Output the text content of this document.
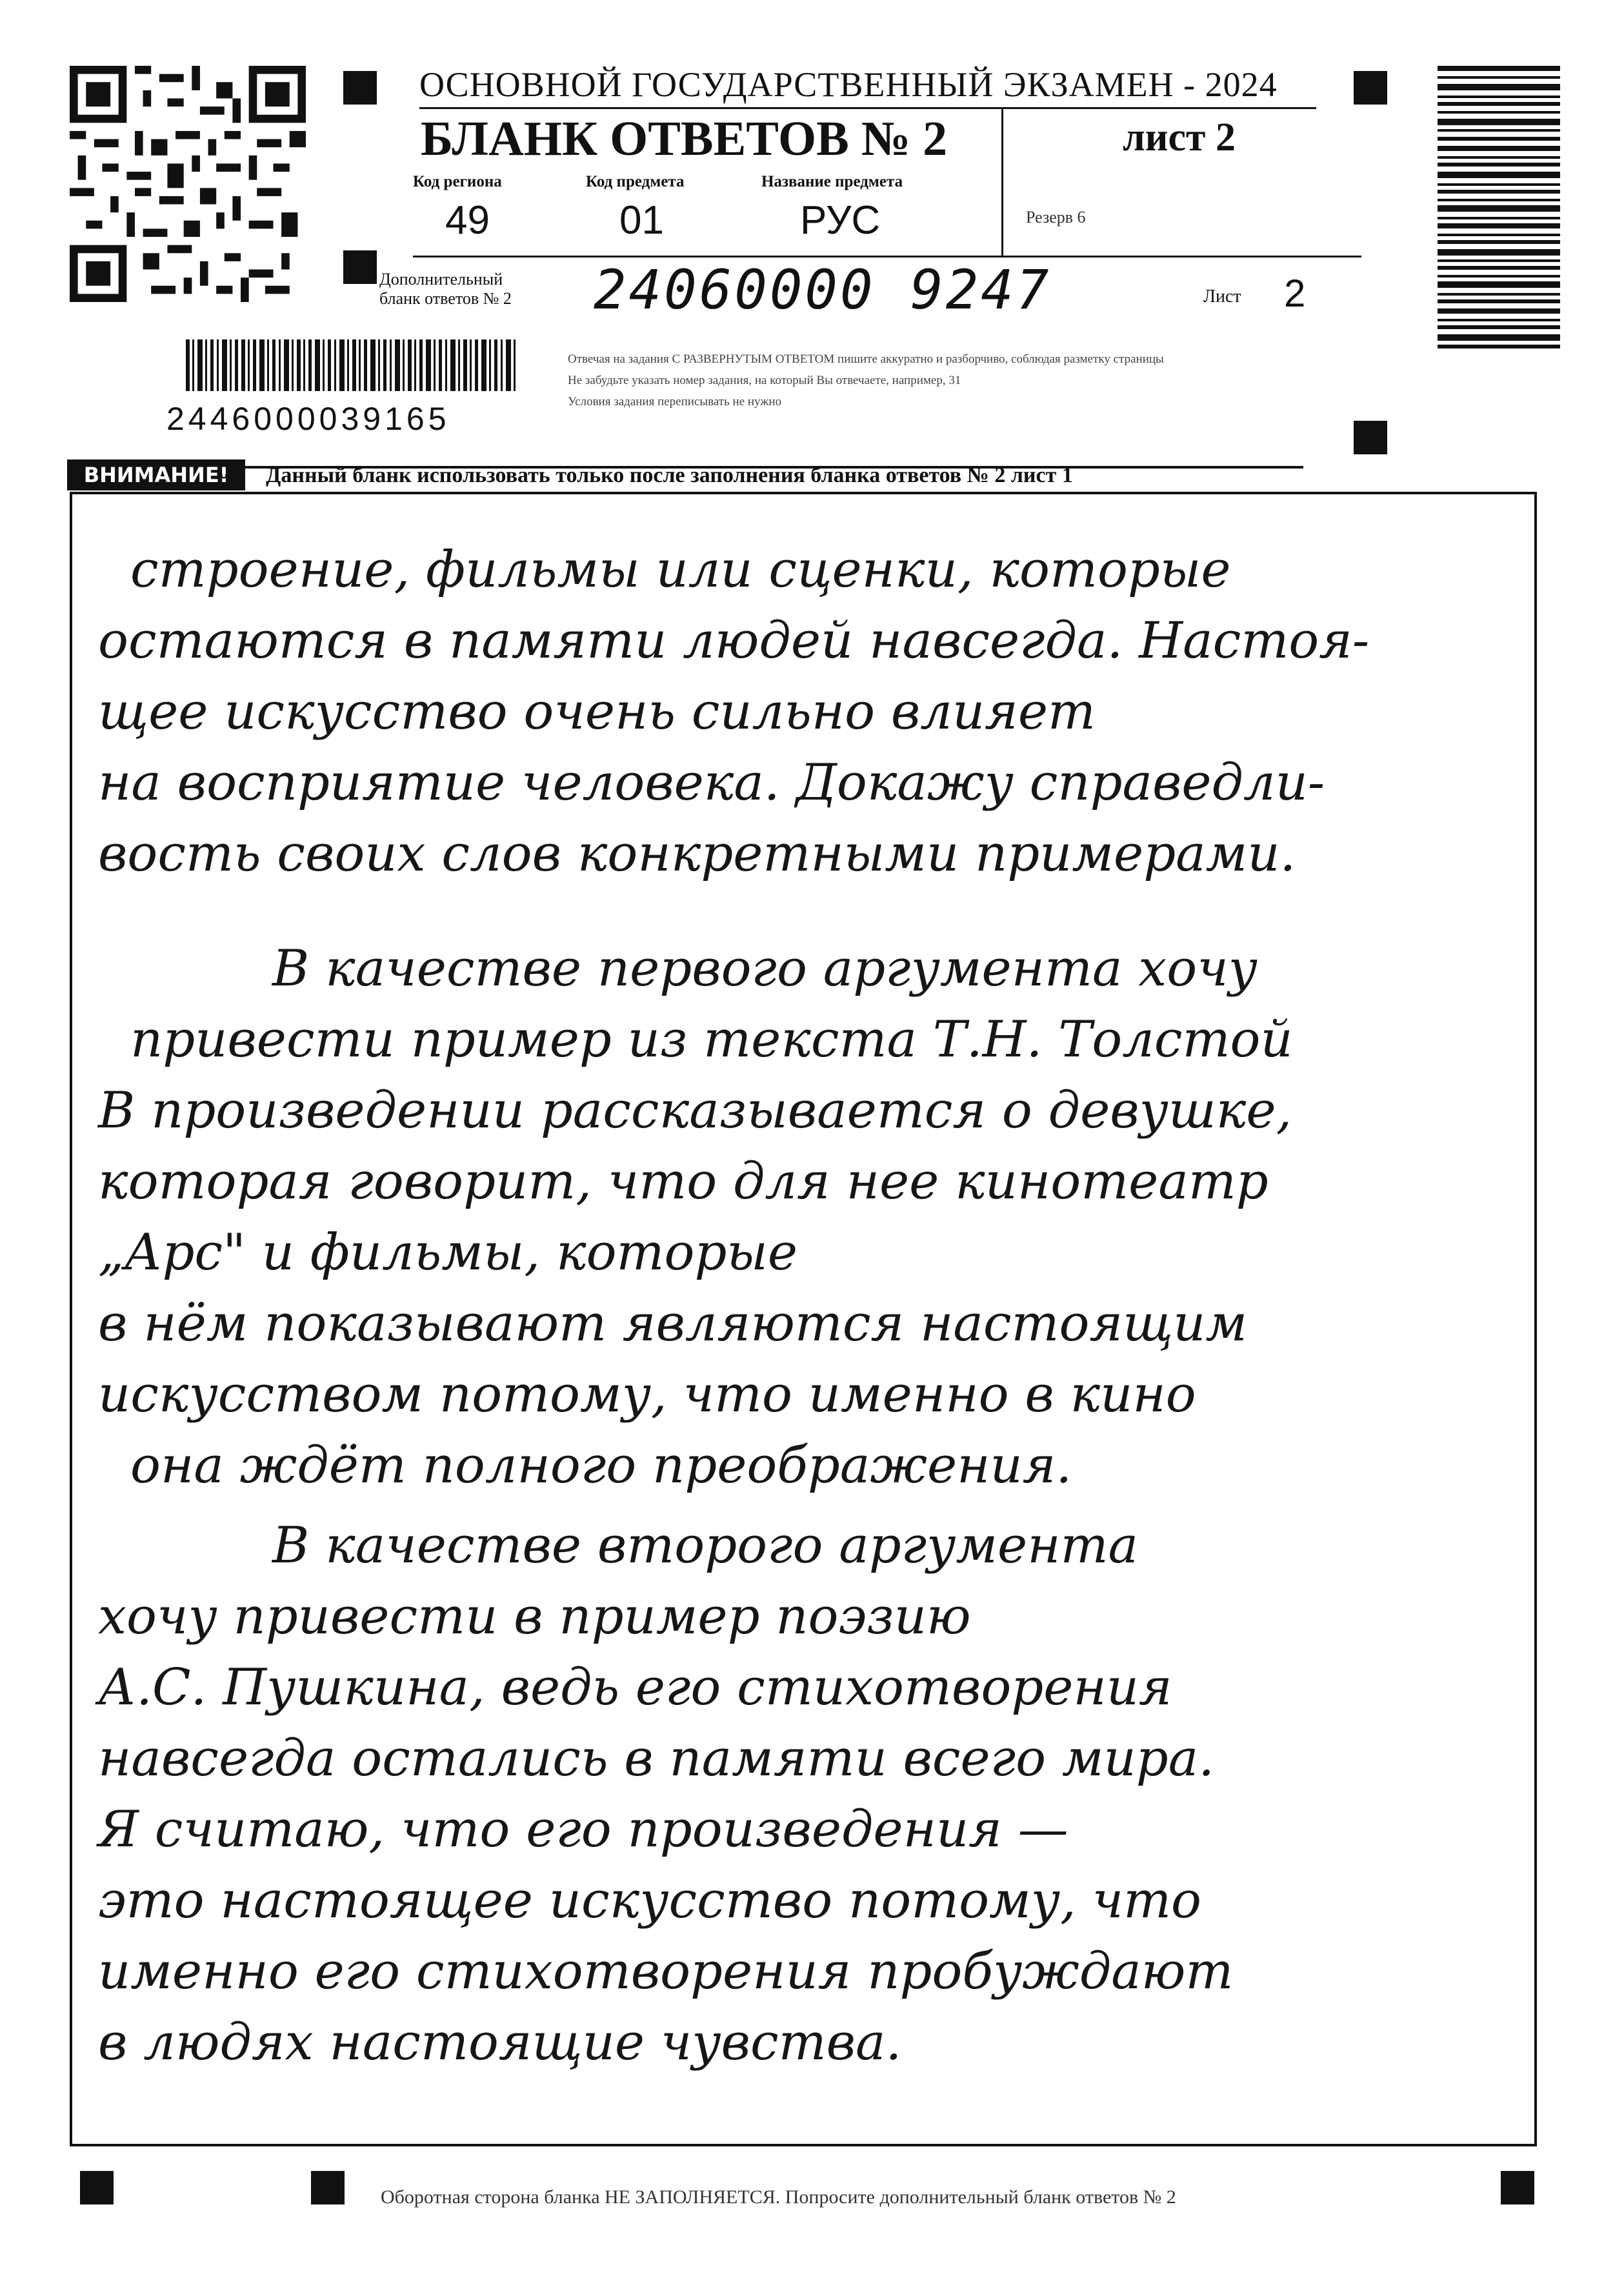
2446000039165
ОСНОВНОЙ ГОСУДАРСТВЕННЫЙ ЭКЗАМЕН - 2024
БЛАНК ОТВЕТОВ № 2	лист 2
Код региона
49
Код предмета
01
Название предмета
РУС	Резерв 6
Дополнительный
бланк ответов № 2 24060000 9247	Лист 2
Отвечая на задания С РАЗВЕРНУТЫМ ОТВЕТОМ пишите аккуратно и разборчиво, соблюдая разметку страницы
Не забудьте указать номер задания, на который Вы отвечаете, например, 31
Условия задания переписывать не нужно
ВНИМАНИЕ!	Данный бланк использовать только после заполнения бланка ответов № 2 лист 1
строение, фильмы или сценки, которые
остаются в памяти людей навсегда. Настоя-
щее искусство очень сильно влияет
на восприятие человека. Докажу справедли-
вость своих слов конкретными примерами.
В качестве первого аргумента хочу
привести пример из текста Т.Н. Толстой
В произведении рассказывается о девушке,
которая говорит, что для нее кинотеатр
„Арс" и фильмы, которые
в нём показывают являются настоящим
искусством потому, что именно в кино
она ждёт полного преображения.
В качестве второго аргумента
хочу привести в пример поэзию
А.С. Пушкина, ведь его стихотворения
навсегда остались в памяти всего мира.
Я считаю, что его произведения —
это настоящее искусство потому, что
именно его стихотворения пробуждают
в людях настоящие чувства.
Оборотная сторона бланка НЕ ЗАПОЛНЯЕТСЯ. Попросите дополнительный бланк ответов № 2
